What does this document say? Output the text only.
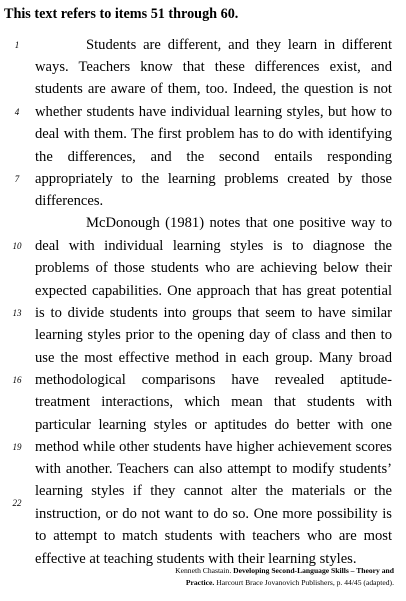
This text refers to items 51 through 60.
1
4
7
10
13
16
19
22
Students are different, and they learn in different
ways. Teachers know that these differences exist, and
students are aware of them, too. Indeed, the question is not
whether students have individual learning styles, but how to
deal with them. The first problem has to do with identifying
the differences, and the second entails responding
appropriately to the learning problems created by those
differences.
McDonough (1981) notes that one positive way to
deal with individual learning styles is to diagnose the
problems of those students who are achieving below their
expected capabilities. One approach that has great potential
is to divide students into groups that seem to have similar
learning styles prior to the opening day of class and then to
use the most effective method in each group. Many broad
methodological comparisons have revealed aptitude-
treatment interactions, which mean that students with
particular learning styles or aptitudes do better with one
method while other students have higher achievement scores
with another. Teachers can also attempt to modify students’
learning styles if they cannot alter the materials or the
instruction, or do not want to do so. One more possibility is
to attempt to match students with teachers who are most
effective at teaching students with their learning styles.
Kenneth Chastain. Developing Second-Language Skills – Theory and
Practice. Harcourt Brace Jovanovich Publishers, p. 44/45 (adapted).
